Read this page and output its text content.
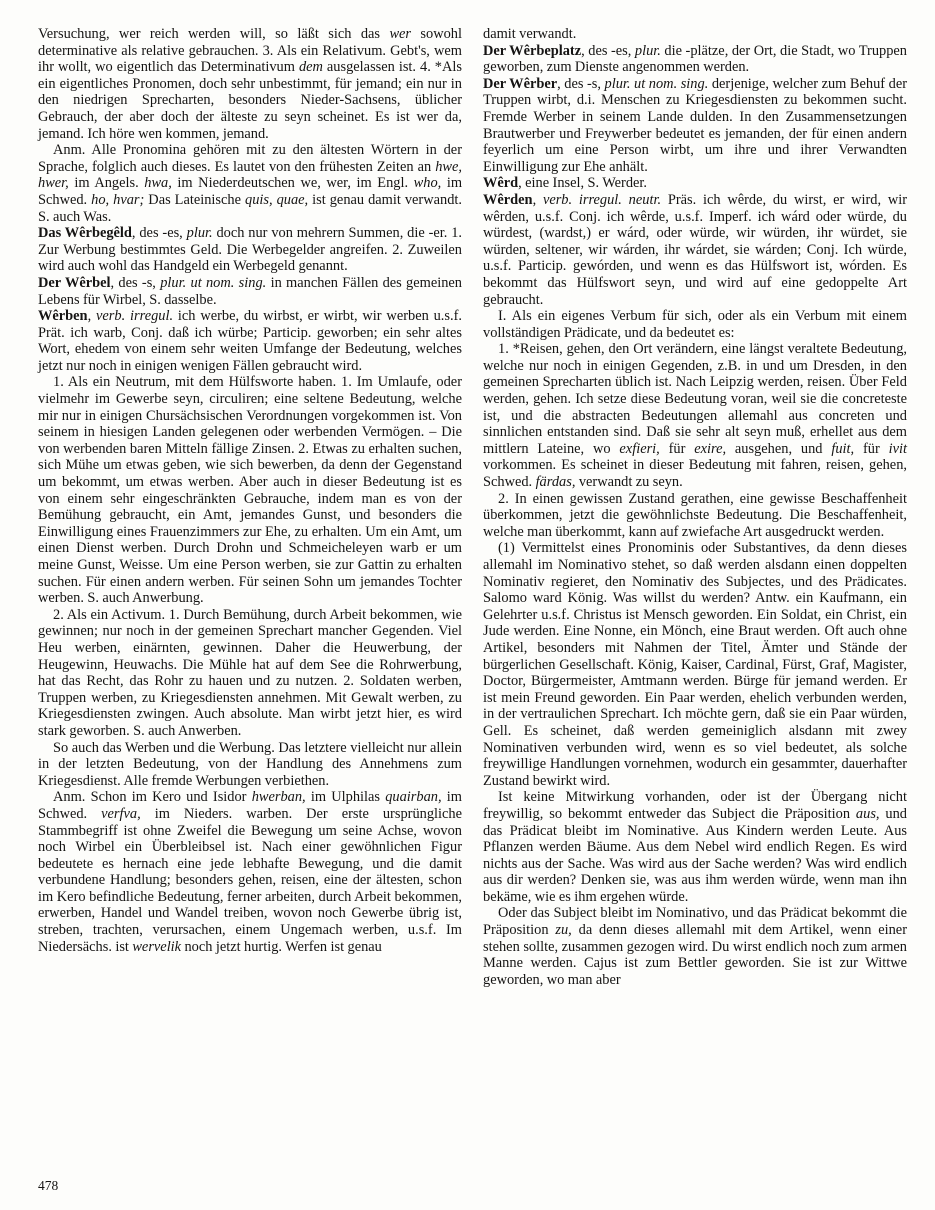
Versuchung, wer reich werden will, so läßt sich das wer sowohl determinative als relative gebrauchen. 3. Als ein Relativum. Gebt's, wem ihr wollt, wo eigentlich das Determinativum dem ausgelassen ist. 4. *Als ein eigentliches Pronomen, doch sehr unbestimmt, für jemand; ein nur in den niedrigen Sprecharten, besonders Nieder-Sachsens, üblicher Gebrauch, der aber doch der älteste zu seyn scheinet. Es ist wer da, jemand. Ich höre wen kommen, jemand.

Anm. Alle Pronomina gehören mit zu den ältesten Wörtern in der Sprache, folglich auch dieses. Es lautet von den frühesten Zeiten an hwe, hwer, im Angels. hwa, im Niederdeutschen we, wer, im Engl. who, im Schwed. ho, hvar; Das Lateinische quis, quae, ist genau damit verwandt. S. auch Was.

Das Wêrbegêld, des -es, plur. doch nur von mehrern Summen, die -er. 1. Zur Werbung bestimmtes Geld. Die Werbegelder angreifen. 2. Zuweilen wird auch wohl das Handgeld ein Werbegeld genannt.

Der Wêrbel, des -s, plur. ut nom. sing. in manchen Fällen des gemeinen Lebens für Wirbel, S. dasselbe.

Wêrben, verb. irregul. ich werbe, du wirbst, er wirbt, wir werben u.s.f. Prät. ich warb, Conj. daß ich würbe; Particip. geworben; ein sehr altes Wort, ehedem von einem sehr weiten Umfange der Bedeutung, welches jetzt nur noch in einigen wenigen Fällen gebraucht wird.

1. Als ein Neutrum, mit dem Hülfsworte haben. 1. Im Umlaufe, oder vielmehr im Gewerbe seyn, circuliren; eine seltene Bedeutung, welche mir nur in einigen Chursächsischen Verordnungen vorgekommen ist. Von seinem in hiesigen Landen gelegenen oder werbenden Vermögen. – Die von werbenden baren Mitteln fällige Zinsen. 2. Etwas zu erhalten suchen, sich Mühe um etwas geben, wie sich bewerben, da denn der Gegenstand um bekommt, um etwas werben. Aber auch in dieser Bedeutung ist es von einem sehr eingeschränkten Gebrauche, indem man es von der Bemühung gebraucht, ein Amt, jemandes Gunst, und besonders die Einwilligung eines Frauenzimmers zur Ehe, zu erhalten. Um ein Amt, um einen Dienst werben. Durch Drohn und Schmeicheleyen warb er um meine Gunst, Weisse. Um eine Person werben, sie zur Gattin zu erhalten suchen. Für einen andern werben. Für seinen Sohn um jemandes Tochter werben. S. auch Anwerbung.

2. Als ein Activum. 1. Durch Bemühung, durch Arbeit bekommen, wie gewinnen; nur noch in der gemeinen Sprechart mancher Gegenden. Viel Heu werben, einärnten, gewinnen. Daher die Heuwerbung, der Heugewinn, Heuwachs. Die Mühle hat auf dem See die Rohrwerbung, hat das Recht, das Rohr zu hauen und zu nutzen. 2. Soldaten werben, Truppen werben, zu Kriegesdiensten annehmen. Mit Gewalt werben, zu Kriegesdiensten zwingen. Auch absolute. Man wirbt jetzt hier, es wird stark geworben. S. auch Anwerben.

So auch das Werben und die Werbung. Das letztere vielleicht nur allein in der letzten Bedeutung, von der Handlung des Annehmens zum Kriegesdienst. Alle fremde Werbungen verbiethen.

Anm. Schon im Kero und Isidor hwerban, im Ulphilas quairban, im Schwed. verfva, im Nieders. warben. Der erste ursprüngliche Stammbegriff ist ohne Zweifel die Bewegung um seine Achse, wovon noch Wirbel ein Überbleibsel ist. Nach einer gewöhnlichen Figur bedeutete es hernach eine jede lebhafte Bewegung, und die damit verbundene Handlung; besonders gehen, reisen, eine der ältesten, schon im Kero befindliche Bedeutung, ferner arbeiten, durch Arbeit bekommen, erwerben, Handel und Wandel treiben, wovon noch Gewerbe übrig ist, streben, trachten, verursachen, einem Ungemach werben, u.s.f. Im Niedersächs. ist wervelik noch jetzt hurtig. Werfen ist genau

damit verwandt.

Der Wêrbeplatz, des -es, plur. die -plätze, der Ort, die Stadt, wo Truppen geworben, zum Dienste angenommen werden.

Der Wêrber, des -s, plur. ut nom. sing. derjenige, welcher zum Behuf der Truppen wirbt, d.i. Menschen zu Kriegesdiensten zu bekommen sucht. Fremde Werber in seinem Lande dulden. In den Zusammensetzungen Brautwerber und Freywerber bedeutet es jemanden, der für einen andern feyerlich um eine Person wirbt, um ihre und ihrer Verwandten Einwilligung zur Ehe anhält.

Wêrd, eine Insel, S. Werder.

Wêrden, verb. irregul. neutr. Präs. ich wêrde, du wirst, er wird, wir wêrden, u.s.f. Conj. ich wêrde, u.s.f. Imperf. ich wárd oder würde, du würdest, (wardst,) er wárd, oder würde, wir würden, ihr würdet, sie würden, seltener, wir wárden, ihr wárdet, sie wárden; Conj. Ich würde, u.s.f. Particip. gewórden, und wenn es das Hülfswort ist, wórden. Es bekommt das Hülfswort seyn, und wird auf eine gedoppelte Art gebraucht.

I. Als ein eigenes Verbum für sich, oder als ein Verbum mit einem vollständigen Prädicate, und da bedeutet es:

1. *Reisen, gehen, den Ort verändern, eine längst veraltete Bedeutung, welche nur noch in einigen Gegenden, z.B. in und um Dresden, in den gemeinen Sprecharten üblich ist. Nach Leipzig werden, reisen. Über Feld werden, gehen. Ich setze diese Bedeutung voran, weil sie die concreteste ist, und die abstracten Bedeutungen allemahl aus concreten und sinnlichen entstanden sind. Daß sie sehr alt seyn muß, erhellet aus dem mittlern Lateine, wo exfieri, für exire, ausgehen, und fuit, für ivit vorkommen. Es scheinet in dieser Bedeutung mit fahren, reisen, gehen, Schwed. färdas, verwandt zu seyn.

2. In einen gewissen Zustand gerathen, eine gewisse Beschaffenheit überkommen, jetzt die gewöhnlichste Bedeutung. Die Beschaffenheit, welche man überkommt, kann auf zwiefache Art ausgedruckt werden.

(1) Vermittelst eines Pronominis oder Substantives, da denn dieses allemahl im Nominativo stehet, so daß werden alsdann einen doppelten Nominativ regieret, den Nominativ des Subjectes, und des Prädicates. Salomo ward König. Was willst du werden? Antw. ein Kaufmann, ein Gelehrter u.s.f. Christus ist Mensch geworden. Ein Soldat, ein Christ, ein Jude werden. Eine Nonne, ein Mönch, eine Braut werden. Oft auch ohne Artikel, besonders mit Nahmen der Titel, Ämter und Stände der bürgerlichen Gesellschaft. König, Kaiser, Cardinal, Fürst, Graf, Magister, Doctor, Bürgermeister, Amtmann werden. Bürge für jemand werden. Er ist mein Freund geworden. Ein Paar werden, ehelich verbunden werden, in der vertraulichen Sprechart. Ich möchte gern, daß sie ein Paar würden, Gell. Es scheinet, daß werden gemeiniglich alsdann mit zwey Nominativen verbunden wird, wenn es so viel bedeutet, als solche freywillige Handlungen vornehmen, wodurch ein gesammter, dauerhafter Zustand bewirkt wird.

Ist keine Mitwirkung vorhanden, oder ist der Übergang nicht freywillig, so bekommt entweder das Subject die Präposition aus, und das Prädicat bleibt im Nominative. Aus Kindern werden Leute. Aus Pflanzen werden Bäume. Aus dem Nebel wird endlich Regen. Es wird nichts aus der Sache. Was wird aus der Sache werden? Was wird endlich aus dir werden? Denken sie, was aus ihm werden würde, wenn man ihn bekäme, wie es ihm ergehen würde.

Oder das Subject bleibt im Nominativo, und das Prädicat bekommt die Präposition zu, da denn dieses allemahl mit dem Artikel, wenn einer stehen sollte, zusammen gezogen wird. Du wirst endlich noch zum armen Manne werden. Cajus ist zum Bettler geworden. Sie ist zur Wittwe geworden, wo man aber

478
